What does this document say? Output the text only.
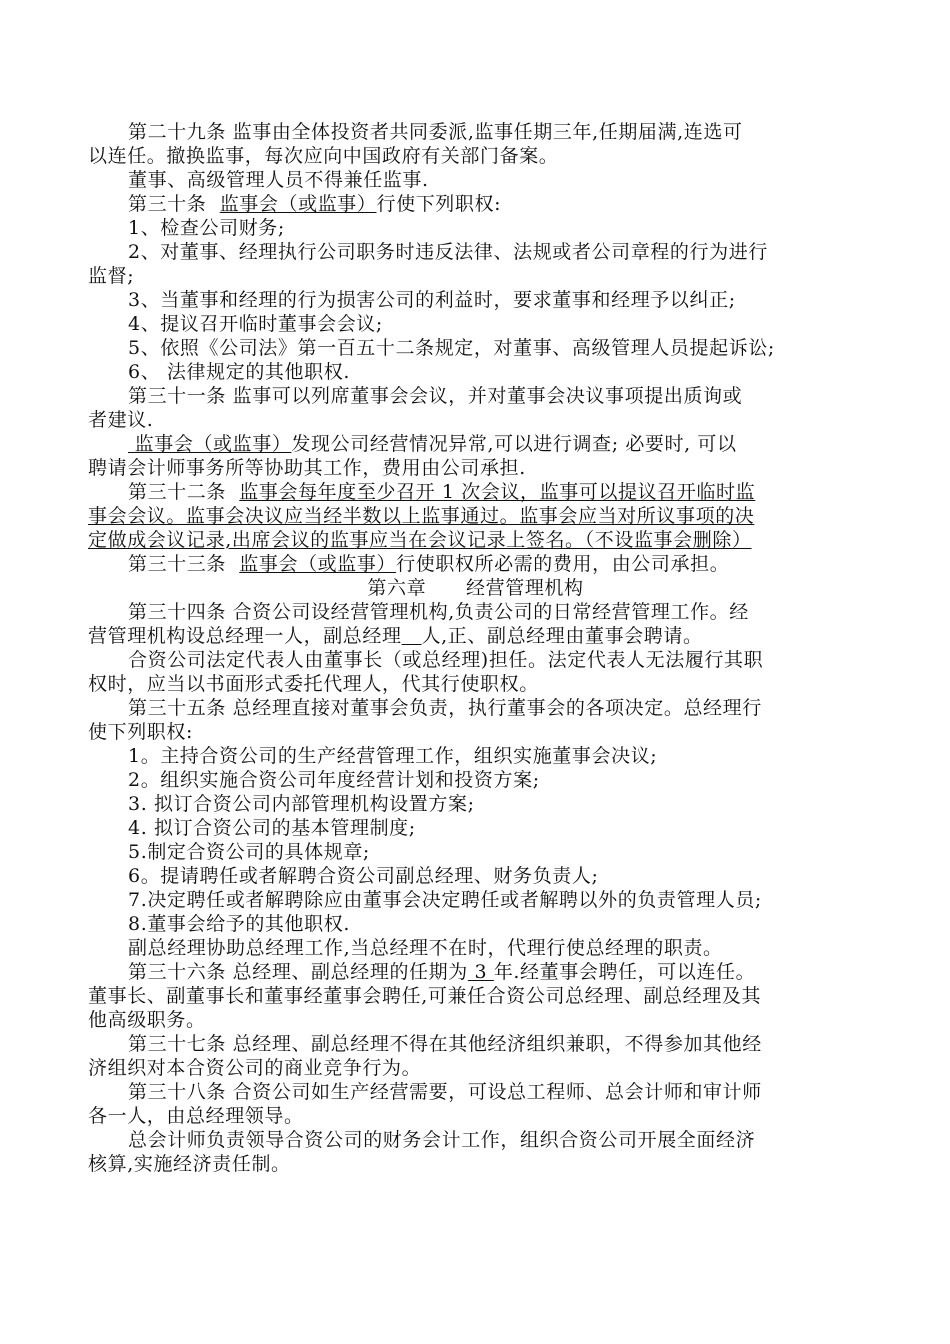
第二十九条 监事由全体投资者共同委派,监事任期三年,任期届满,连选可
以连任。撤换监事，每次应向中国政府有关部门备案。
董事、高级管理人员不得兼任监事.
第三十条  监事会（或监事）行使下列职权:
1、检查公司财务;
2、对董事、经理执行公司职务时违反法律、法规或者公司章程的行为进行
监督;
3、当董事和经理的行为损害公司的利益时，要求董事和经理予以纠正;
4、提议召开临时董事会会议;
5、依照《公司法》第一百五十二条规定，对董事、高级管理人员提起诉讼;
6、 法律规定的其他职权.
第三十一条 监事可以列席董事会会议，并对董事会决议事项提出质询或
者建议.
监事会（或监事）发现公司经营情况异常,可以进行调查; 必要时, 可以
聘请会计师事务所等协助其工作，费用由公司承担.
第三十二条  监事会每年度至少召开 1 次会议，监事可以提议召开临时监
事会会议。监事会决议应当经半数以上监事通过。监事会应当对所议事项的决
定做成会议记录,出席会议的监事应当在会议记录上签名。（不设监事会删除）
第三十三条  监事会（或监事）行使职权所必需的费用，由公司承担。
第六章      经营管理机构
第三十四条 合资公司设经营管理机构,负责公司的日常经营管理工作。经
营管理机构设总经理一人，副总经理 人,正、副总经理由董事会聘请。
合资公司法定代表人由董事长（或总经理)担任。法定代表人无法履行其职
权时，应当以书面形式委托代理人，代其行使职权。
第三十五条 总经理直接对董事会负责，执行董事会的各项决定。总经理行
使下列职权:
1。主持合资公司的生产经营管理工作，组织实施董事会决议;
2。组织实施合资公司年度经营计划和投资方案;
3. 拟订合资公司内部管理机构设置方案;
4. 拟订合资公司的基本管理制度;
5.制定合资公司的具体规章;
6。提请聘任或者解聘合资公司副总经理、财务负责人;
7.决定聘任或者解聘除应由董事会决定聘任或者解聘以外的负责管理人员;
8.董事会给予的其他职权.
副总经理协助总经理工作,当总经理不在时，代理行使总经理的职责。
第三十六条 总经理、副总经理的任期为 3 年.经董事会聘任，可以连任。
董事长、副董事长和董事经董事会聘任,可兼任合资公司总经理、副总经理及其
他高级职务。
第三十七条 总经理、副总经理不得在其他经济组织兼职，不得参加其他经
济组织对本合资公司的商业竞争行为。
第三十八条 合资公司如生产经营需要，可设总工程师、总会计师和审计师
各一人，由总经理领导。
总会计师负责领导合资公司的财务会计工作，组织合资公司开展全面经济
核算,实施经济责任制。
